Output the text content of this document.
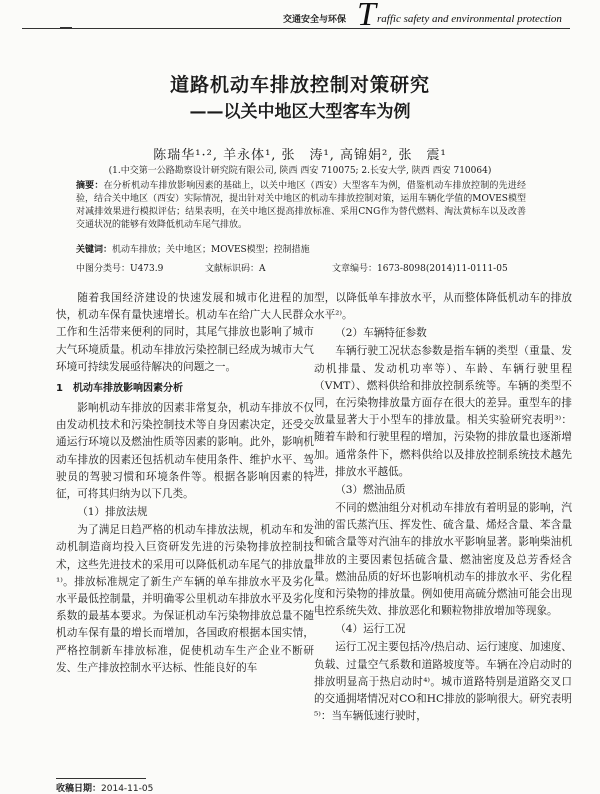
交通安全与环保 T raffic safety and environmental protection
道路机动车排放控制对策研究
——以关中地区大型客车为例
陈瑞华¹·², 羊永体¹, 张　涛¹, 高锦娟², 张　震¹
(1.中交第一公路勘察设计研究院有限公司, 陕西 西安 710075; 2.长安大学, 陕西 西安 710064)
摘要：在分析机动车排放影响因素的基础上，以关中地区（西安）大型客车为例，借鉴机动车排放控制的先进经验，结合关中地区（西安）实际情况，提出针对关中地区的机动车排放控制对策，运用车辆化学值的MOVES模型对减排效果进行模拟评估；结果表明，在关中地区提高排放标准、采用CNG作为替代燃料、淘汰黄标车以及改善交通状况的能够有效降低机动车尾气排放。
关键词：机动车排放；关中地区；MOVES模型；控制措施
中图分类号：U473.9	文献标识码：A	文章编号：1673-8098(2014)11-0111-05

随着我国经济建设的快速发展和城市化进程的加快，机动车保有量快速增长。机动车在给广大人民群众工作和生活带来便利的同时，其尾气排放也影响了城市大气环境质量。机动车排放污染控制已经成为城市大气环境可持续发展亟待解决的问题之一。

1　机动车排放影响因素分析

影响机动车排放的因素非常复杂，机动车排放不仅由发动机技术和污染控制技术等自身因素决定，还受交通运行环境以及燃油性质等因素的影响。此外，影响机动车排放的因素还包括机动车使用条件、维护水平、驾驶员的驾驶习惯和环境条件等。根据各影响因素的特征，可将其归纳为以下几类。

（1）排放法规

为了满足日趋严格的机动车排放法规，机动车和发动机制造商均投入巨资研发先进的污染物排放控制技术，这些先进技术的采用可以降低机动车尾气的排放量¹⁾。排放标准规定了新生产车辆的单车排放水平及劣化水平最低控制量，并明确零公里机动车排放水平及劣化系数的最基本要求。为保证机动车污染物排放总量不随机动车保有量的增长而增加，各国政府根据本国实情，严格控制新车排放标准，促使机动车生产企业不断研发、生产排放控制水平达标、性能良好的车

型，以降低单车排放水平，从而整体降低机动车的排放水平²⁾。

（2）车辆特征参数

车辆行驶工况状态参数是指车辆的类型（重量、发动机排量、发动机功率等）、车龄、车辆行驶里程（VMT）、燃料供给和排放控制系统等。车辆的类型不同，在污染物排放量方面存在很大的差异。重型车的排放量显著大于小型车的排放量。相关实验研究表明³⁾：随着车龄和行驶里程的增加，污染物的排放量也逐渐增加。通常条件下，燃料供给以及排放控制系统技术越先进，排放水平越低。

（3）燃油品质

不同的燃油组分对机动车排放有着明显的影响，汽油的雷氏蒸汽压、挥发性、硫含量、烯烃含量、苯含量和硫含量等对汽油车的排放水平影响显著。影响柴油机排放的主要因素包括硫含量、燃油密度及总芳香烃含量。燃油品质的好坏也影响机动车的排放水平、劣化程度和污染物的排放量。例如使用高硫分燃油可能会出现电控系统失效、排放恶化和颗粒物排放增加等现象。

（4）运行工况

运行工况主要包括冷/热启动、运行速度、加速度、负载、过量空气系数和道路坡度等。车辆在冷启动时的排放明显高于热启动时⁴⁾。城市道路特别是道路交叉口的交通拥堵情况对CO和HC排放的影响很大。研究表明⁵⁾：当车辆低速行驶时，

收稿日期：2014-11-05
